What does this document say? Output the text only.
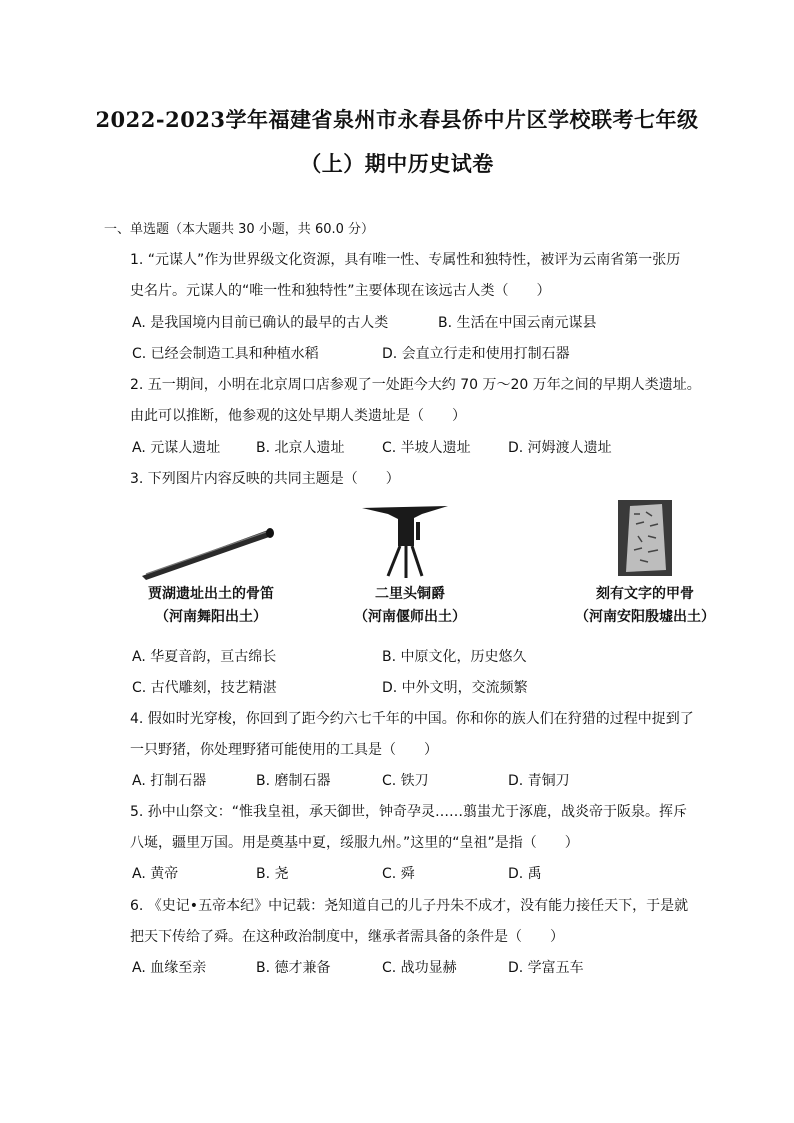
2022-2023学年福建省泉州市永春县侨中片区学校联考七年级
（上）期中历史试卷
一、单选题（本大题共 30 小题，共 60.0 分）
1. “元谋人”作为世界级文化资源，具有唯一性、专属性和独特性，被评为云南省第一张历
史名片。元谋人的“唯一性和独特性”主要体现在该远古人类（　　）
A. 是我国境内目前已确认的最早的古人类	B. 生活在中国云南元谋县
C. 已经会制造工具和种植水稻	D. 会直立行走和使用打制石器
2. 五一期间，小明在北京周口店参观了一处距今大约 70 万～20 万年之间的早期人类遗址。
由此可以推断，他参观的这处早期人类遗址是（　　）
A. 元谋人遗址	B. 北京人遗址	C. 半坡人遗址	D. 河姆渡人遗址
3. 下列图片内容反映的共同主题是（　　）
贾湖遗址出土的骨笛
（河南舞阳出土）
二里头铜爵
（河南偃师出土）
刻有文字的甲骨
（河南安阳殷墟出土）
A. 华夏音韵，亘古绵长	B. 中原文化，历史悠久
C. 古代雕刻，技艺精湛	D. 中外文明，交流频繁
4. 假如时光穿梭，你回到了距今约六七千年的中国。你和你的族人们在狩猎的过程中捉到了
一只野猪，你处理野猪可能使用的工具是（　　）
A. 打制石器	B. 磨制石器	C. 铁刀	D. 青铜刀
5. 孙中山祭文：“惟我皇祖，承天御世，钟奇孕灵……翦蚩尤于涿鹿，战炎帝于阪泉。挥斥
八埏，疆里万国。用是奠基中夏，绥服九州。”这里的“皇祖”是指（　　）
A. 黄帝	B. 尧	C. 舜	D. 禹
6. 《史记•五帝本纪》中记载：尧知道自己的儿子丹朱不成才，没有能力接任天下，于是就
把天下传给了舜。在这种政治制度中，继承者需具备的条件是（　　）
A. 血缘至亲	B. 德才兼备	C. 战功显赫	D. 学富五车
